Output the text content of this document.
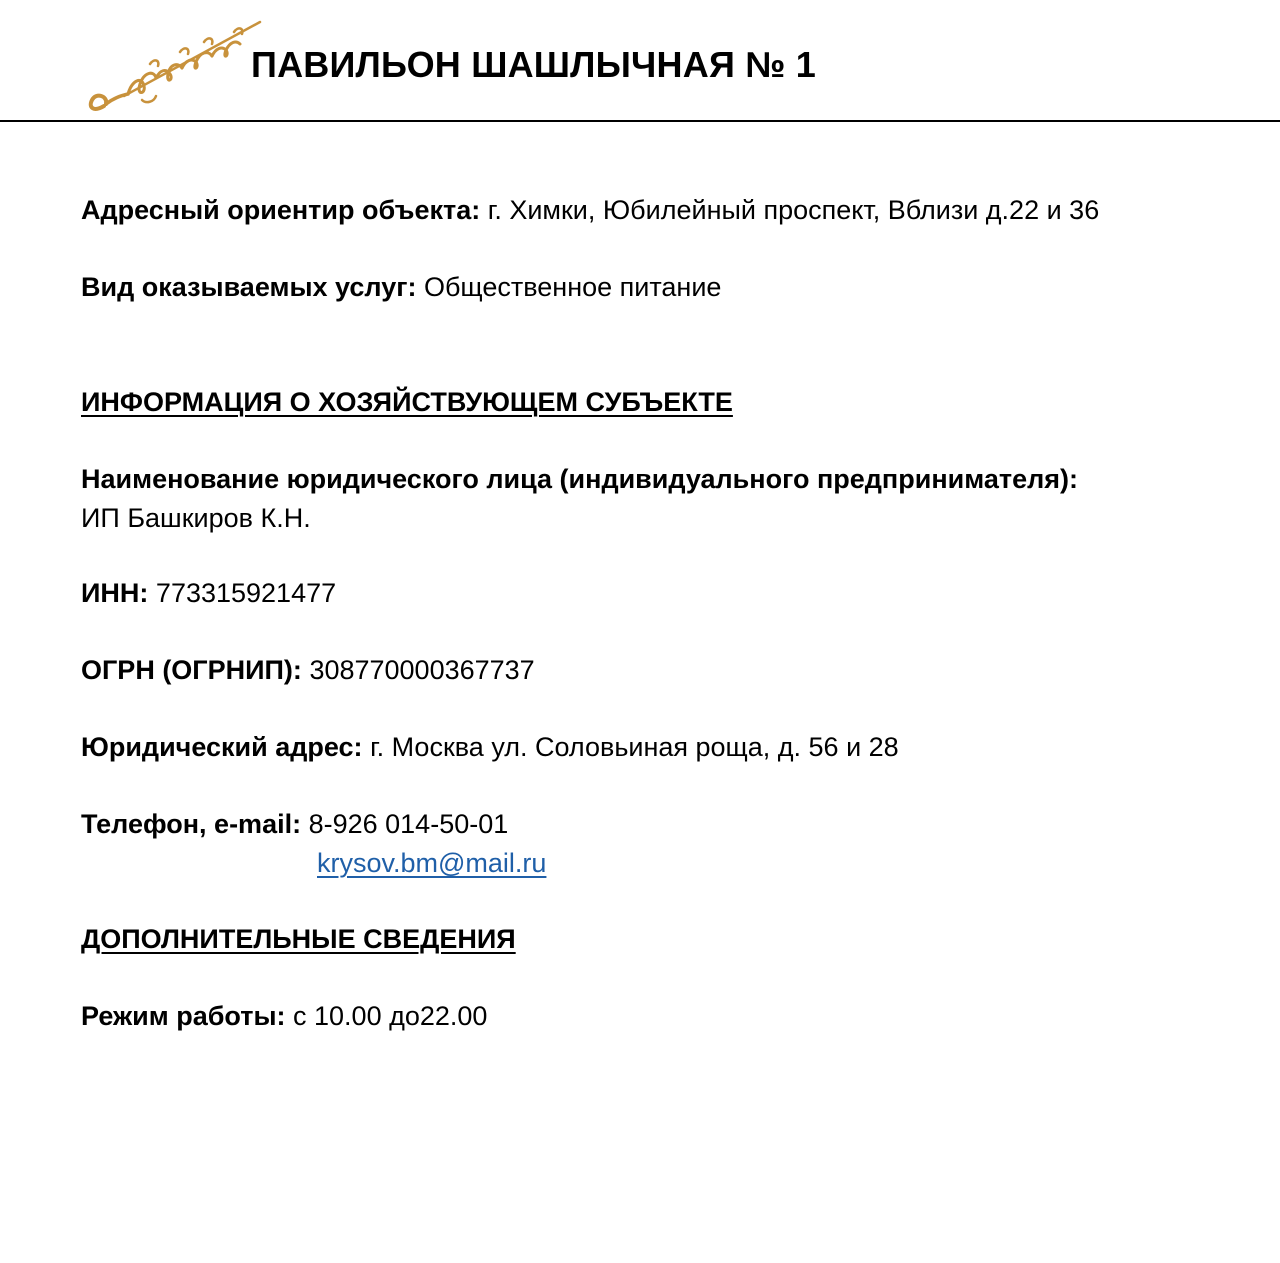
ПАВИЛЬОН ШАШЛЫЧНАЯ № 1
Адресный ориентир объекта: г. Химки, Юбилейный проспект, Вблизи д.22 и 36
Вид оказываемых услуг: Общественное питание
ИНФОРМАЦИЯ О ХОЗЯЙСТВУЮЩЕМ СУБЪЕКТЕ
Наименование юридического лица (индивидуального предпринимателя):
ИП Башкиров К.Н.
ИНН: 773315921477
ОГРН (ОГРНИП): 308770000367737
Юридический адрес: г. Москва ул. Соловьиная роща, д. 56 и 28
Телефон, e-mail: 8-926 014-50-01
krysov.bm@mail.ru
ДОПОЛНИТЕЛЬНЫЕ СВЕДЕНИЯ
Режим работы: с 10.00 до22.00
